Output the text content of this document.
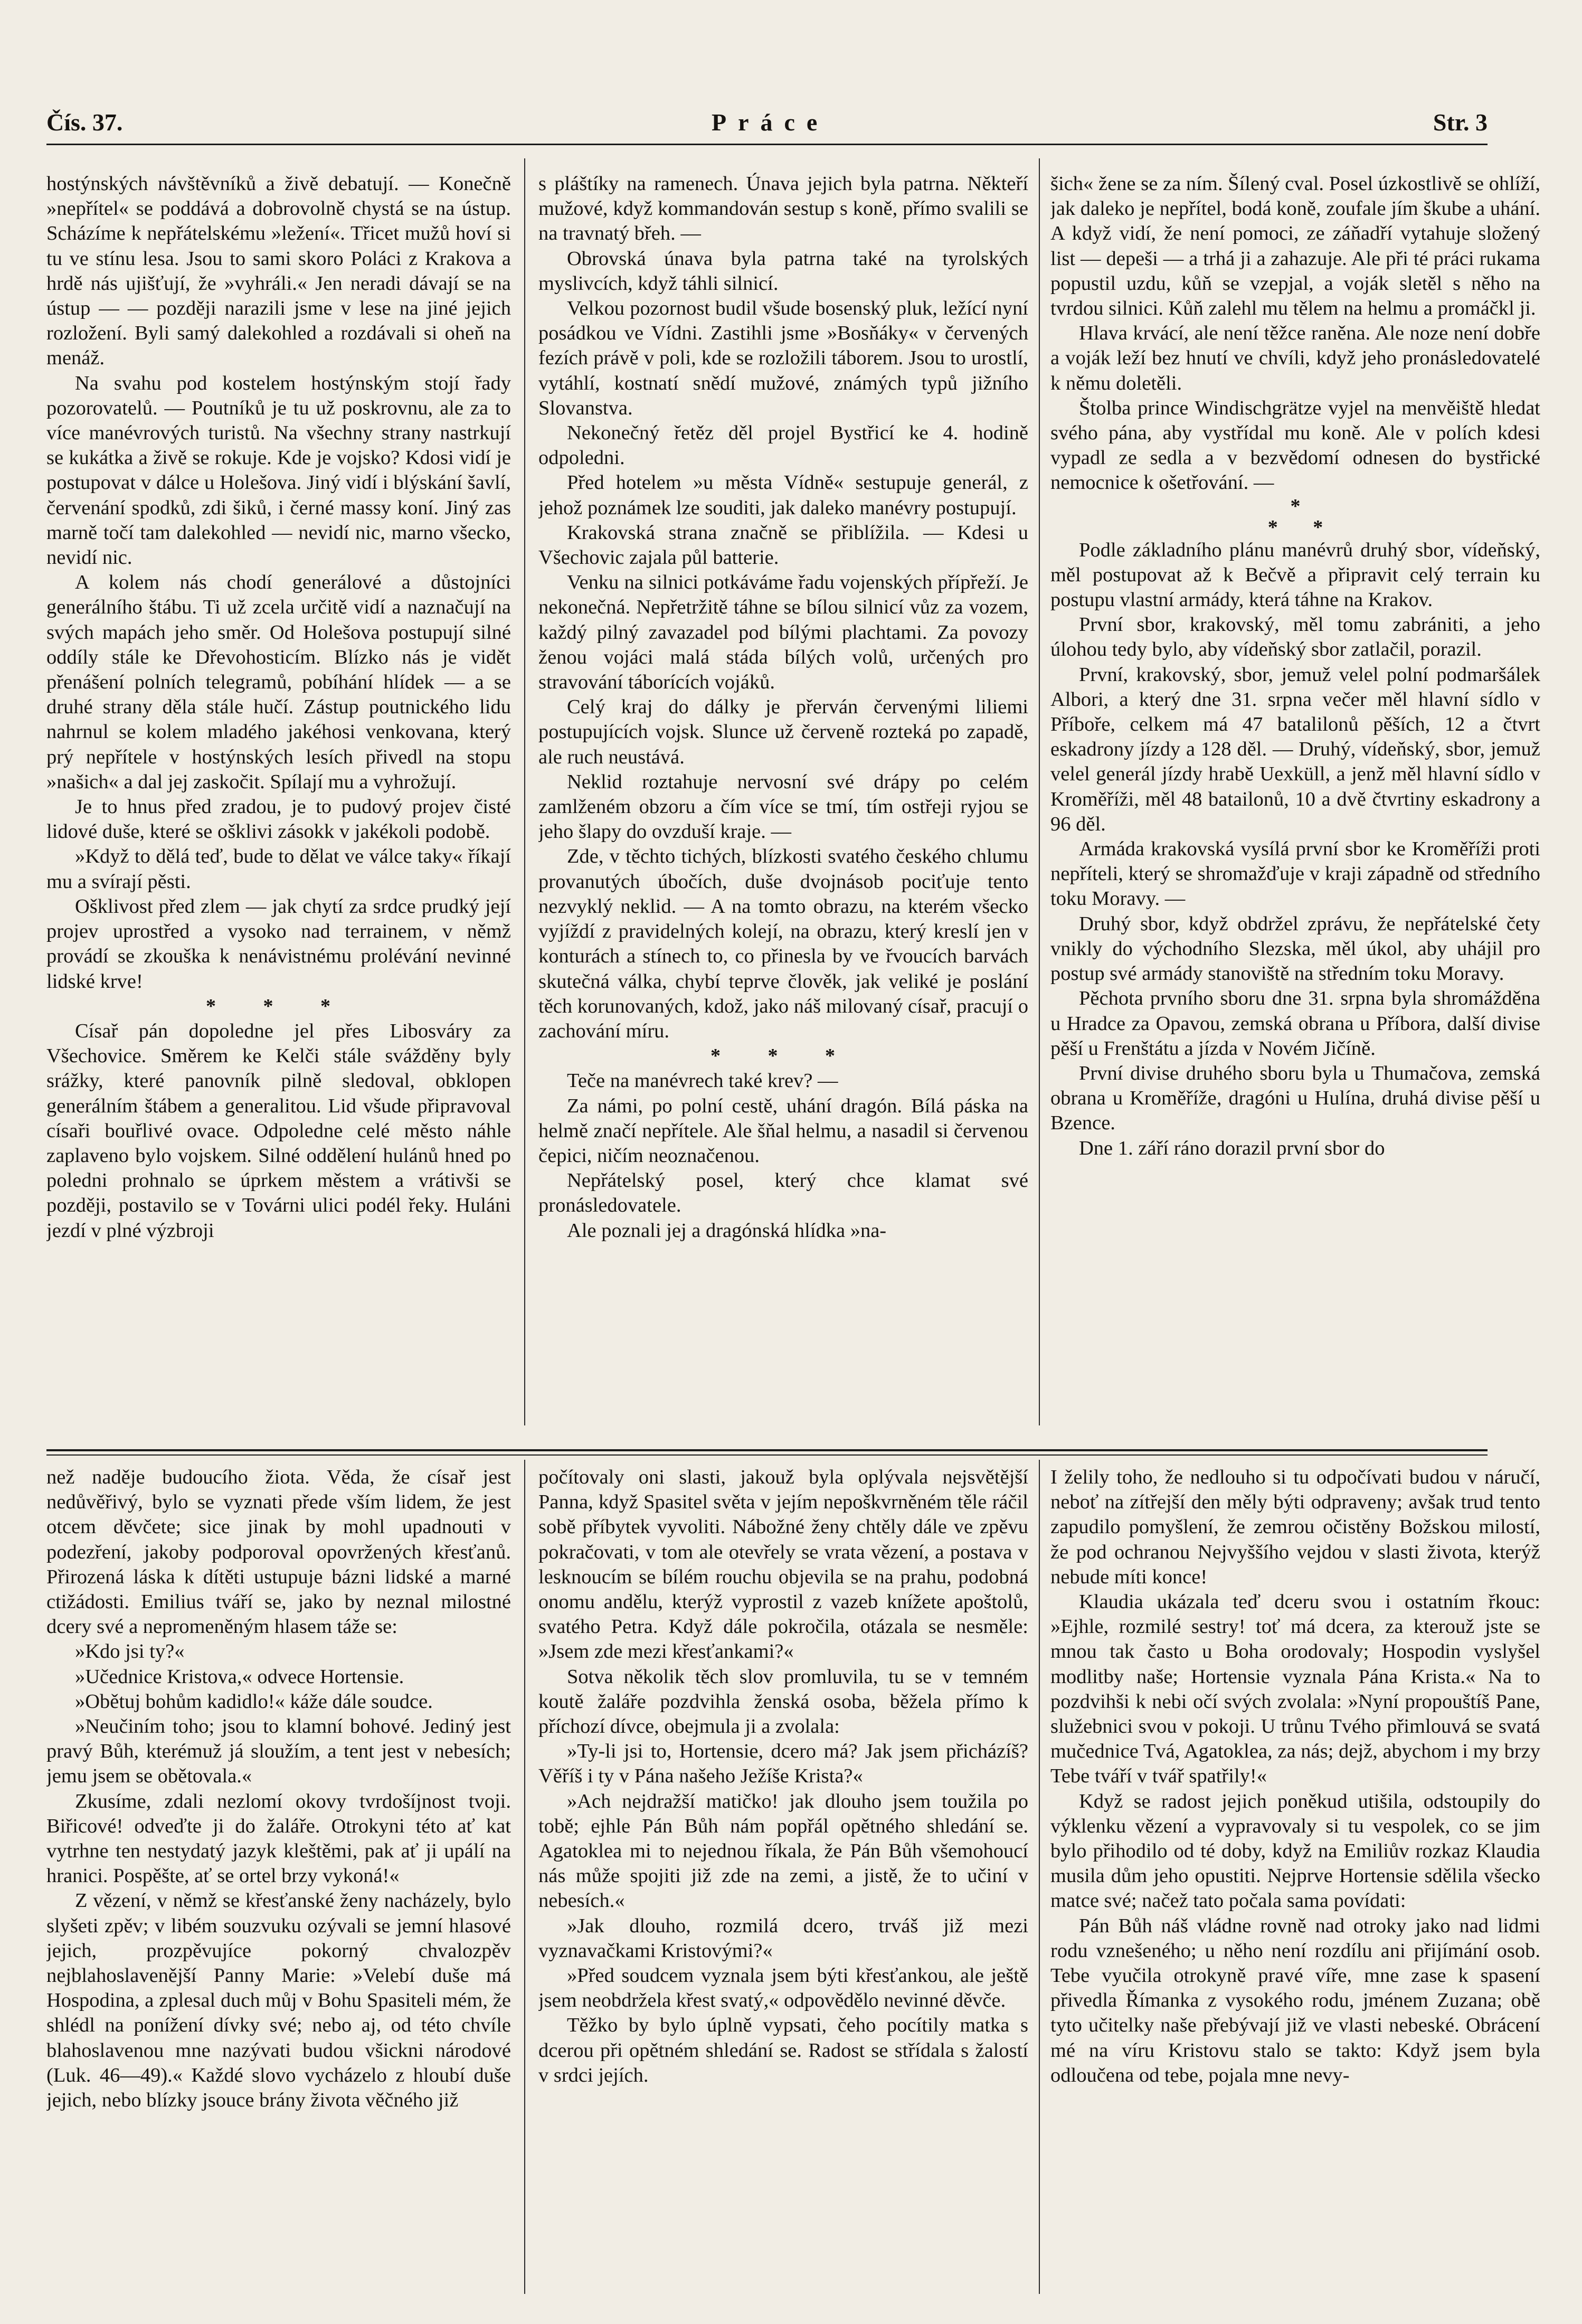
Čís. 37.	Práce	Str. 3

hostýnských návštěvníků a živě debatují. — Konečně »nepřítel« se poddává a dobrovolně chystá se na ústup. Scházíme k nepřátelskému »ležení«. Třicet mužů hoví si tu ve stínu lesa. Jsou to sami skoro Poláci z Krakova a hrdě nás ujišťují, že »vyhráli.« Jen neradi dávají se na ústup — — později narazili jsme v lese na jiné jejich rozložení. Byli samý dalekohled a rozdávali si oheň na menáž.

Na svahu pod kostelem hostýnským stojí řady pozorovatelů. — Poutníků je tu už poskrovnu, ale za to více manévrových turistů. Na všechny strany nastrkují se kukátka a živě se rokuje. Kde je vojsko? Kdosi vidí je postupovat v dálce u Holešova. Jiný vidí i blýskání šavlí, červenání spodků, zdi šiků, i černé massy koní. Jiný zas marně točí tam dalekohled — nevidí nic, marno všecko, nevidí nic.

A kolem nás chodí generálové a důstojníci generálního štábu. Ti už zcela určitě vidí a naznačují na svých mapách jeho směr. Od Holešova postupují silné oddíly stále ke Dřevohosticím. Blízko nás je vidět přenášení polních telegramů, pobíhání hlídek — a se druhé strany děla stále hučí. Zástup poutnického lidu nahrnul se kolem mladého jakéhosi venkovana, který prý nepřítele v hostýnských lesích přivedl na stopu »našich« a dal jej zaskočit. Spílají mu a vyhrožují.

Je to hnus před zradou, je to pudový projev čisté lidové duše, které se ošklivi zásokk v jakékoli podobě.

»Když to dělá teď, bude to dělat ve válce taky« říkají mu a svírají pěsti.

Ošklivost před zlem — jak chytí za srdce prudký její projev uprostřed a vysoko nad terrainem, v němž provádí se zkouška k nenávistnému prolévání nevinné lidské krve!

* * *

Císař pán dopoledne jel přes Libosváry za Všechovice. Směrem ke Kelči stále svážděny byly srážky, které panovník pilně sledoval, obklopen generálním štábem a generalitou. Lid všude připravoval císaři bouřlivé ovace. Odpoledne celé město náhle zaplaveno bylo vojskem. Silné oddělení hulánů hned po poledni prohnalo se úprkem městem a vrátivši se později, postavilo se v Továrni ulici podél řeky. Huláni jezdí v plné výzbroji

s pláštíky na ramenech. Únava jejich byla patrna. Někteří mužové, když kommandován sestup s koně, přímo svalili se na travnatý břeh. —

Obrovská únava byla patrna také na tyrolských myslivcích, když táhli silnicí.

Velkou pozornost budil všude bosenský pluk, ležící nyní posádkou ve Vídni. Zastihli jsme »Bosňáky« v červených fezích právě v poli, kde se rozložili táborem. Jsou to urostlí, vytáhlí, kostnatí snědí mužové, známých typů jižního Slovanstva.

Nekonečný řetěz děl projel Bystřicí ke 4. hodině odpoledni.

Před hotelem »u města Vídně« sestupuje generál, z jehož poznámek lze souditi, jak daleko manévry postupují.

Krakovská strana značně se přiblížila. — Kdesi u Všechovic zajala půl batterie.

Venku na silnici potkáváme řadu vojenských přípřeží. Je nekonečná. Nepřetržitě táhne se bílou silnicí vůz za vozem, každý pilný zavazadel pod bílými plachtami. Za povozy ženou vojáci malá stáda bílých volů, určených pro stravování táborících vojáků.

Celý kraj do dálky je přerván červenými liliemi postupujících vojsk. Slunce už červeně rozteká po zapadě, ale ruch neustává.

Neklid roztahuje nervosní své drápy po celém zamlženém obzoru a čím více se tmí, tím ostřeji ryjou se jeho šlapy do ovzduší kraje. —

Zde, v těchto tichých, blízkosti svatého českého chlumu provanutých úbočích, duše dvojnásob pociťuje tento nezvyklý neklid. — A na tomto obrazu, na kterém všecko vyjíždí z pravidelných kolejí, na obrazu, který kreslí jen v konturách a stínech to, co přinesla by ve řvoucích barvách skutečná válka, chybí teprve člověk, jak veliké je poslání těch korunovaných, kdož, jako náš milovaný císař, pracují o zachování míru.

* * *

Teče na manévrech také krev? —

Za námi, po polní cestě, uhání dragón. Bílá páska na helmě značí nepřítele. Ale šňal helmu, a nasadil si červenou čepici, ničím neoznačenou.

Nepřátelský posel, který chce klamat své pronásledovatele.

Ale poznali jej a dragónská hlídka »na-

šich« žene se za ním. Šílený cval. Posel úzkostlivě se ohlíží, jak daleko je nepřítel, bodá koně, zoufale jím škube a uhání. A když vidí, že není pomoci, ze záňadří vytahuje složený list — depeši — a trhá ji a zahazuje. Ale při té práci rukama popustil uzdu, kůň se vzepjal, a voják sletěl s něho na tvrdou silnici. Kůň zalehl mu tělem na helmu a promáčkl ji.

Hlava krvácí, ale není těžce raněna. Ale noze není dobře a voják leží bez hnutí ve chvíli, když jeho pronásledovatelé k němu doletěli.

Štolba prince Windischgrätze vyjel na menvěiště hledat svého pána, aby vystřídal mu koně. Ale v polích kdesi vypadl ze sedla a v bezvědomí odnesen do bystřické nemocnice k ošetřování. —

*
*       *

Podle základního plánu manévrů druhý sbor, vídeňský, měl postupovat až k Bečvě a připravit celý terrain ku postupu vlastní armády, která táhne na Krakov.

První sbor, krakovský, měl tomu zabrániti, a jeho úlohou tedy bylo, aby vídeňský sbor zatlačil, porazil.

První, krakovský, sbor, jemuž velel polní podmaršálek Albori, a který dne 31. srpna večer měl hlavní sídlo v Příboře, celkem má 47 batalilonů pěších, 12 a čtvrt eskadrony jízdy a 128 děl. — Druhý, vídeňský, sbor, jemuž velel generál jízdy hrabě Uexküll, a jenž měl hlavní sídlo v Kroměříži, měl 48 batailonů, 10 a dvě čtvrtiny eskadrony a 96 děl.

Armáda krakovská vysílá první sbor ke Kroměříži proti nepříteli, který se shromažďuje v kraji západně od středního toku Moravy. —

Druhý sbor, když obdržel zprávu, že nepřátelské čety vnikly do východního Slezska, měl úkol, aby uhájil pro postup své armády stanoviště na středním toku Moravy.

Pěchota prvního sboru dne 31. srpna byla shromážděna u Hradce za Opavou, zemská obrana u Příbora, další divise pěší u Frenštátu a jízda v Novém Jičíně.

První divise druhého sboru byla u Thumačova, zemská obrana u Kroměříže, dragóni u Hulína, druhá divise pěší u Bzence.

Dne 1. září ráno dorazil první sbor do

než naděje budoucího žiota. Věda, že císař jest nedůvěřivý, bylo se vyznati přede vším lidem, že jest otcem děvčete; sice jinak by mohl upadnouti v podezření, jakoby podporoval opovržených křesťanů. Přirozená láska k dítěti ustupuje bázni lidské a marné ctižádosti. Emilius tváří se, jako by neznal milostné dcery své a nepromeněným hlasem táže se:

»Kdo jsi ty?«

»Učednice Kristova,« odvece Hortensie.

»Obětuj bohům kadidlo!« káže dále soudce.

»Neučiním toho; jsou to klamní bohové. Jediný jest pravý Bůh, kterémuž já sloužím, a tent jest v nebesích; jemu jsem se obětovala.«

Zkusíme, zdali nezlomí okovy tvrdošíjnost tvoji. Biřicové! odveďte ji do žaláře. Otrokyni této ať kat vytrhne ten nestydatý jazyk kleštěmi, pak ať ji upálí na hranici. Pospěšte, ať se ortel brzy vykoná!«

Z vězení, v němž se křesťanské ženy nacházely, bylo slyšeti zpěv; v libém souzvuku ozývali se jemní hlasové jejich, prozpěvujíce pokorný chvalozpěv nejblahoslavenější Panny Marie: »Velebí duše má Hospodina, a zplesal duch můj v Bohu Spasiteli mém, že shlédl na ponížení dívky své; nebo aj, od této chvíle blahoslavenou mne nazývati budou všickni národové (Luk. 46—49).« Každé slovo vycházelo z hloubí duše jejich, nebo blízky jsouce brány života věčného již

počítovaly oni slasti, jakouž byla oplývala nejsvětější Panna, když Spasitel světa v jejím nepoškvrněném těle ráčil sobě příbytek vyvoliti. Nábožné ženy chtěly dále ve zpěvu pokračovati, v tom ale otevřely se vrata vězení, a postava v lesknoucím se bílém rouchu objevila se na prahu, podobná onomu andělu, kterýž vyprostil z vazeb knížete apoštolů, svatého Petra. Když dále pokročila, otázala se nesměle: »Jsem zde mezi křesťankami?«

Sotva několik těch slov promluvila, tu se v temném koutě žaláře pozdvihla ženská osoba, běžela přímo k příchozí dívce, obejmula ji a zvolala:

»Ty-li jsi to, Hortensie, dcero má? Jak jsem přicházíš? Věříš i ty v Pána našeho Ježíše Krista?«

»Ach nejdražší matičko! jak dlouho jsem toužila po tobě; ejhle Pán Bůh nám popřál opětného shledání se. Agatoklea mi to nejednou říkala, že Pán Bůh všemohoucí nás může spojiti již zde na zemi, a jistě, že to učiní v nebesích.«

»Jak dlouho, rozmilá dcero, trváš již mezi vyznavačkami Kristovými?«

»Před soudcem vyznala jsem býti křesťankou, ale ještě jsem neobdržela křest svatý,« odpovědělo nevinné děvče.

Těžko by bylo úplně vypsati, čeho pocítily matka s dcerou při opětném shledání se. Radost se střídala s žalostí v srdci jejích.

I želily toho, že nedlouho si tu odpočívati budou v náručí, neboť na zítřejší den měly býti odpraveny; avšak trud tento zapudilo pomyšlení, že zemrou očistěny Božskou milostí, že pod ochranou Nejvyššího vejdou v slasti života, kterýž nebude míti konce!

Klaudia ukázala teď dceru svou i ostatním řkouc: »Ejhle, rozmilé sestry! toť má dcera, za kterouž jste se mnou tak často u Boha orodovaly; Hospodin vyslyšel modlitby naše; Hortensie vyznala Pána Krista.« Na to pozdvihši k nebi očí svých zvolala: »Nyní propouštíš Pane, služebnici svou v pokoji. U trůnu Tvého přimlouvá se svatá mučednice Tvá, Agatoklea, za nás; dejž, abychom i my brzy Tebe tváří v tvář spatřily!«

Když se radost jejich poněkud utišila, odstoupily do výklenku vězení a vypravovaly si tu vespolek, co se jim bylo přihodilo od té doby, když na Emiliův rozkaz Klaudia musila dům jeho opustiti. Nejprve Hortensie sdělila všecko matce své; načež tato počala sama povídati:

Pán Bůh náš vládne rovně nad otroky jako nad lidmi rodu vznešeného; u něho není rozdílu ani přijímání osob. Tebe vyučila otrokyně pravé víře, mne zase k spasení přivedla Římanka z vysokého rodu, jménem Zuzana; obě tyto učitelky naše přebývají již ve vlasti nebeské. Obrácení mé na víru Kristovu stalo se takto: Když jsem byla odloučena od tebe, pojala mne nevy-
